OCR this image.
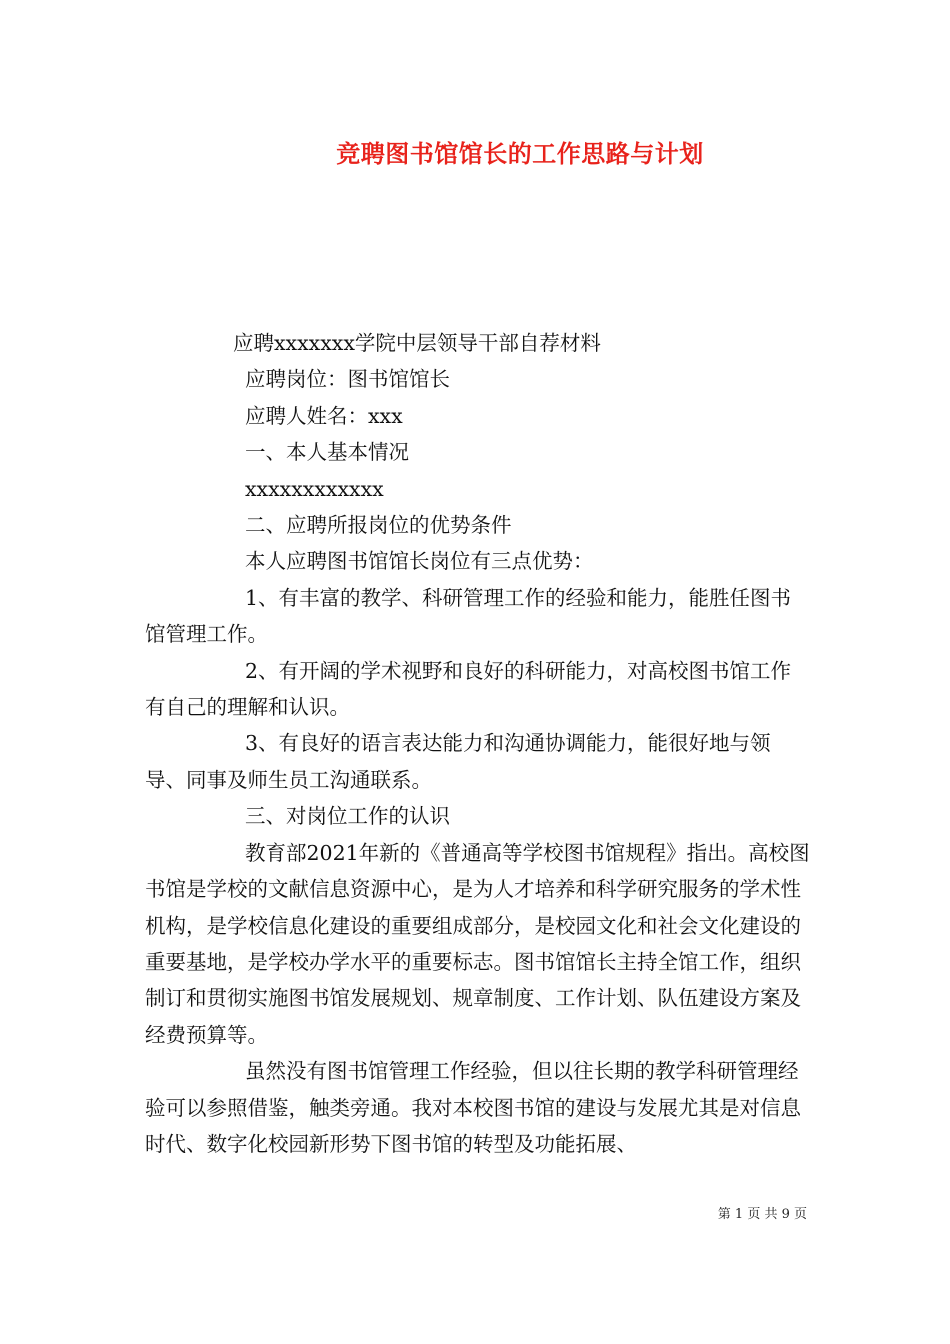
竞聘图书馆馆长的工作思路与计划

应聘xxxxxxx学院中层领导干部自荐材料

应聘岗位：图书馆馆长

应聘人姓名：xxx

一、本人基本情况

xxxxxxxxxxxx

二、应聘所报岗位的优势条件

本人应聘图书馆馆长岗位有三点优势：

1、有丰富的教学、科研管理工作的经验和能力，能胜任图书馆管理工作。

2、有开阔的学术视野和良好的科研能力，对高校图书馆工作有自己的理解和认识。

3、有良好的语言表达能力和沟通协调能力，能很好地与领导、同事及师生员工沟通联系。

三、对岗位工作的认识

教育部2021年新的《普通高等学校图书馆规程》指出。高校图书馆是学校的文献信息资源中心，是为人才培养和科学研究服务的学术性机构，是学校信息化建设的重要组成部分，是校园文化和社会文化建设的重要基地，是学校办学水平的重要标志。图书馆馆长主持全馆工作，组织制订和贯彻实施图书馆发展规划、规章制度、工作计划、队伍建设方案及经费预算等。

虽然没有图书馆管理工作经验，但以往长期的教学科研管理经验可以参照借鉴，触类旁通。我对本校图书馆的建设与发展尤其是对信息时代、数字化校园新形势下图书馆的转型及功能拓展、

第 1 页 共 9 页
